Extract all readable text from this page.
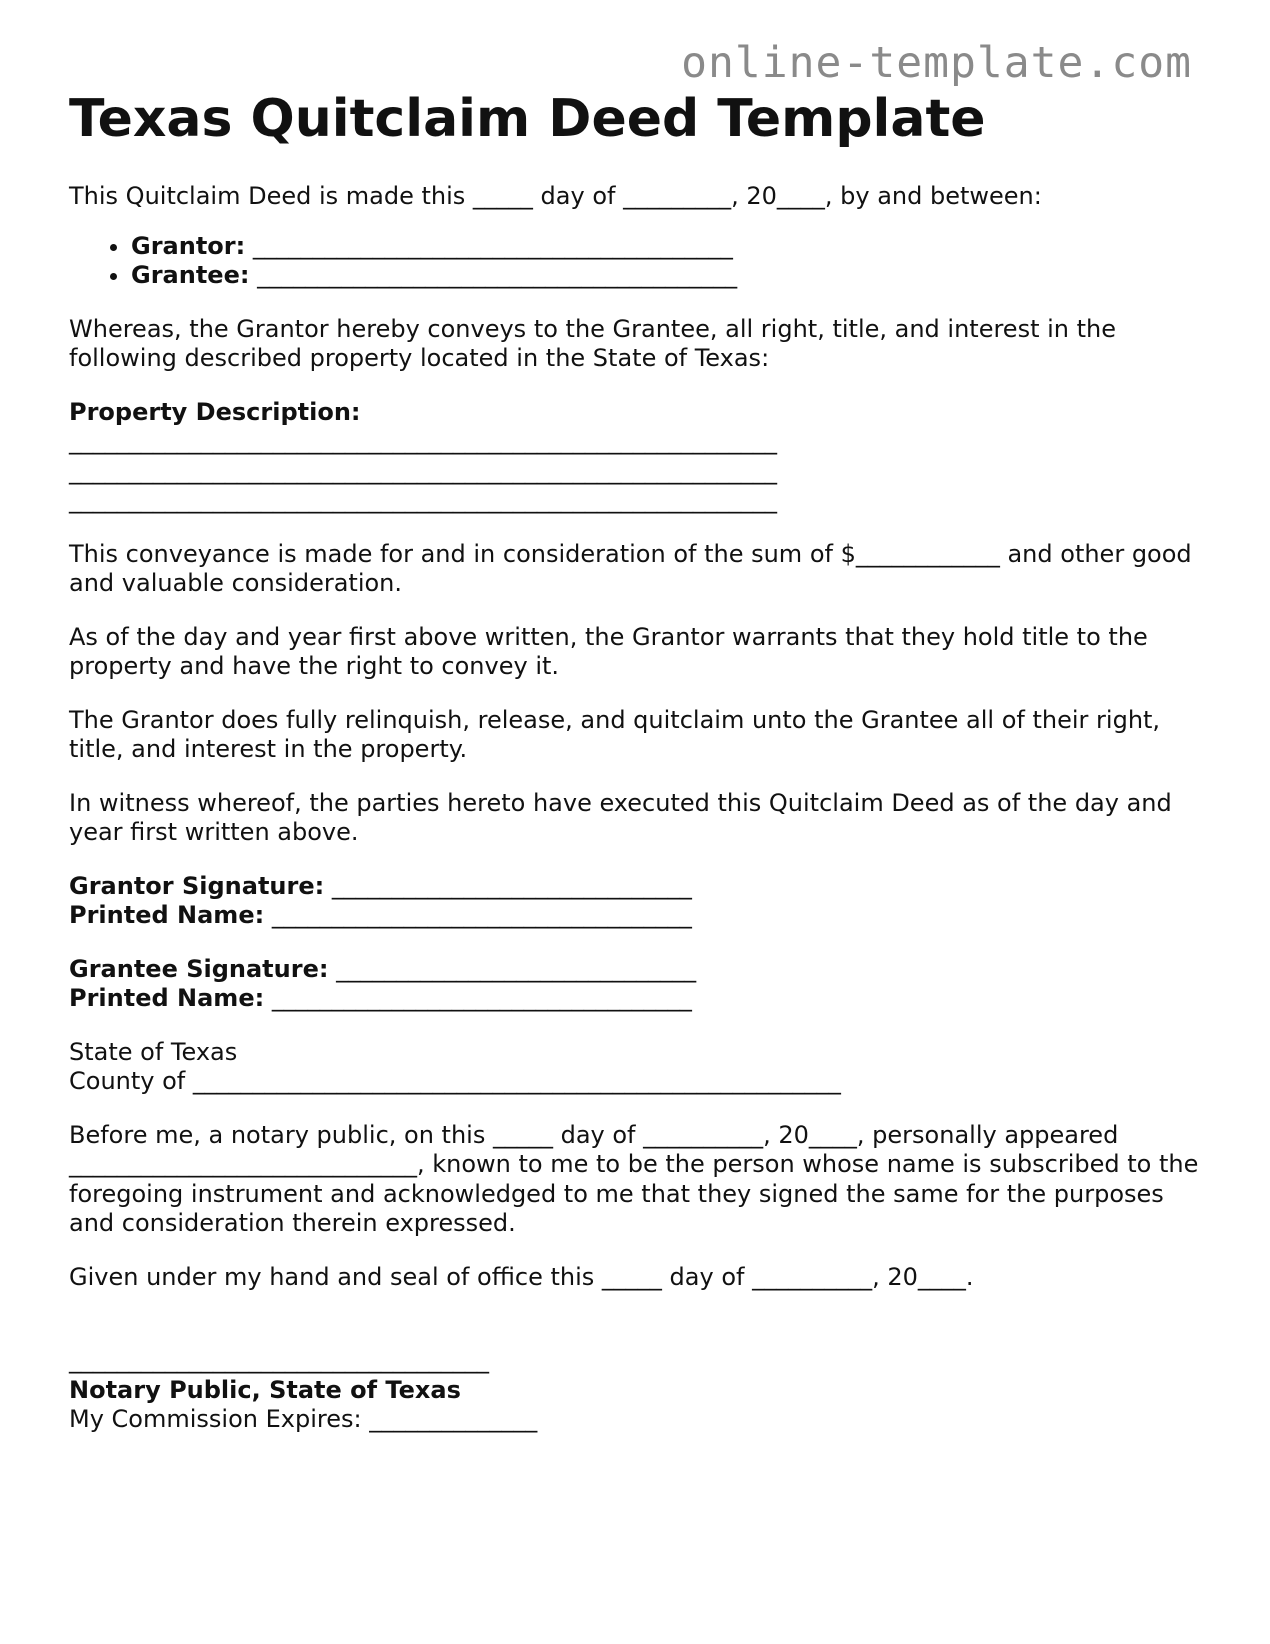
online-template.com
Texas Quitclaim Deed Template

This Quitclaim Deed is made this _____ day of _________, 20____, by and between:

• Grantor: ________________________________________
• Grantee: ________________________________________

Whereas, the Grantor hereby conveys to the Grantee, all right, title, and interest in the following described property located in the State of Texas:

Property Description:

___________________________________________________________

___________________________________________________________

___________________________________________________________

This conveyance is made for and in consideration of the sum of $____________ and other good and valuable consideration.

As of the day and year first above written, the Grantor warrants that they hold title to the property and have the right to convey it.

The Grantor does fully relinquish, release, and quitclaim unto the Grantee all of their right, title, and interest in the property.

In witness whereof, the parties hereto have executed this Quitclaim Deed as of the day and year first written above.

Grantor Signature: ______________________________

Printed Name: ___________________________________

Grantee Signature: ______________________________

Printed Name: ___________________________________

State of Texas

County of ______________________________________________________

Before me, a notary public, on this _____ day of __________, 20____, personally appeared _____________________________, known to me to be the person whose name is subscribed to the foregoing instrument and acknowledged to me that they signed the same for the purposes and consideration therein expressed.

Given under my hand and seal of office this _____ day of __________, 20____.

___________________________________

Notary Public, State of Texas

My Commission Expires: ______________
